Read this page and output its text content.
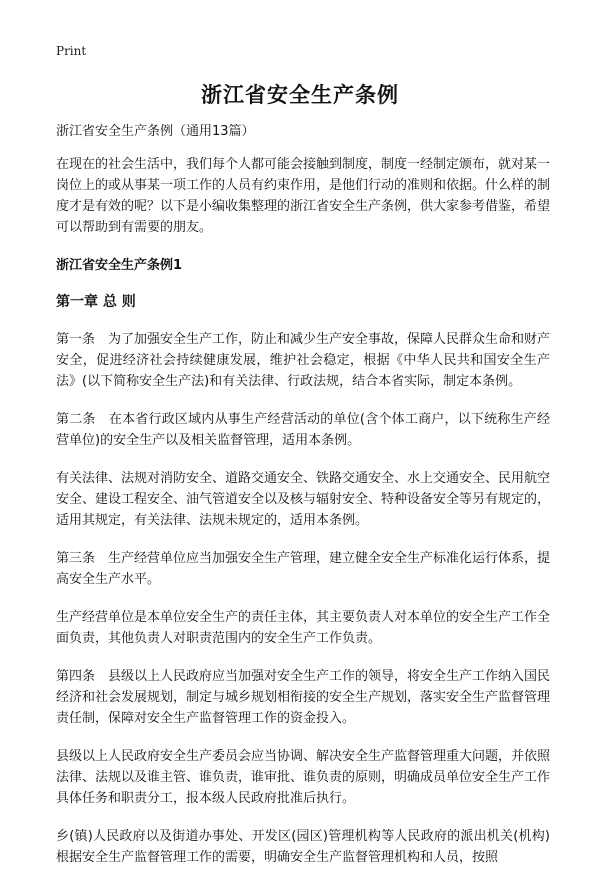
Print
浙江省安全生产条例

浙江省安全生产条例（通用13篇）

在现在的社会生活中，我们每个人都可能会接触到制度，制度一经制定颁布，就对某一岗位上的或从事某一项工作的人员有约束作用，是他们行动的准则和依据。什么样的制度才是有效的呢？以下是小编收集整理的浙江省安全生产条例，供大家参考借鉴，希望可以帮助到有需要的朋友。

浙江省安全生产条例1

第一章 总 则

第一条　为了加强安全生产工作，防止和减少生产安全事故，保障人民群众生命和财产安全，促进经济社会持续健康发展，维护社会稳定，根据《中华人民共和国安全生产法》(以下简称安全生产法)和有关法律、行政法规，结合本省实际，制定本条例。

第二条　在本省行政区域内从事生产经营活动的单位(含个体工商户，以下统称生产经营单位)的安全生产以及相关监督管理，适用本条例。

有关法律、法规对消防安全、道路交通安全、铁路交通安全、水上交通安全、民用航空安全、建设工程安全、油气管道安全以及核与辐射安全、特种设备安全等另有规定的，适用其规定，有关法律、法规未规定的，适用本条例。

第三条　生产经营单位应当加强安全生产管理，建立健全安全生产标准化运行体系，提高安全生产水平。

生产经营单位是本单位安全生产的责任主体，其主要负责人对本单位的安全生产工作全面负责，其他负责人对职责范围内的安全生产工作负责。

第四条　县级以上人民政府应当加强对安全生产工作的领导，将安全生产工作纳入国民经济和社会发展规划，制定与城乡规划相衔接的安全生产规划，落实安全生产监督管理责任制，保障对安全生产监督管理工作的资金投入。

县级以上人民政府安全生产委员会应当协调、解决安全生产监督管理重大问题，并依照法律、法规以及谁主管、谁负责，谁审批、谁负责的原则，明确成员单位安全生产工作具体任务和职责分工，报本级人民政府批准后执行。

乡(镇)人民政府以及街道办事处、开发区(园区)管理机构等人民政府的派出机关(机构)根据安全生产监督管理工作的需要，明确安全生产监督管理机构和人员，按照
